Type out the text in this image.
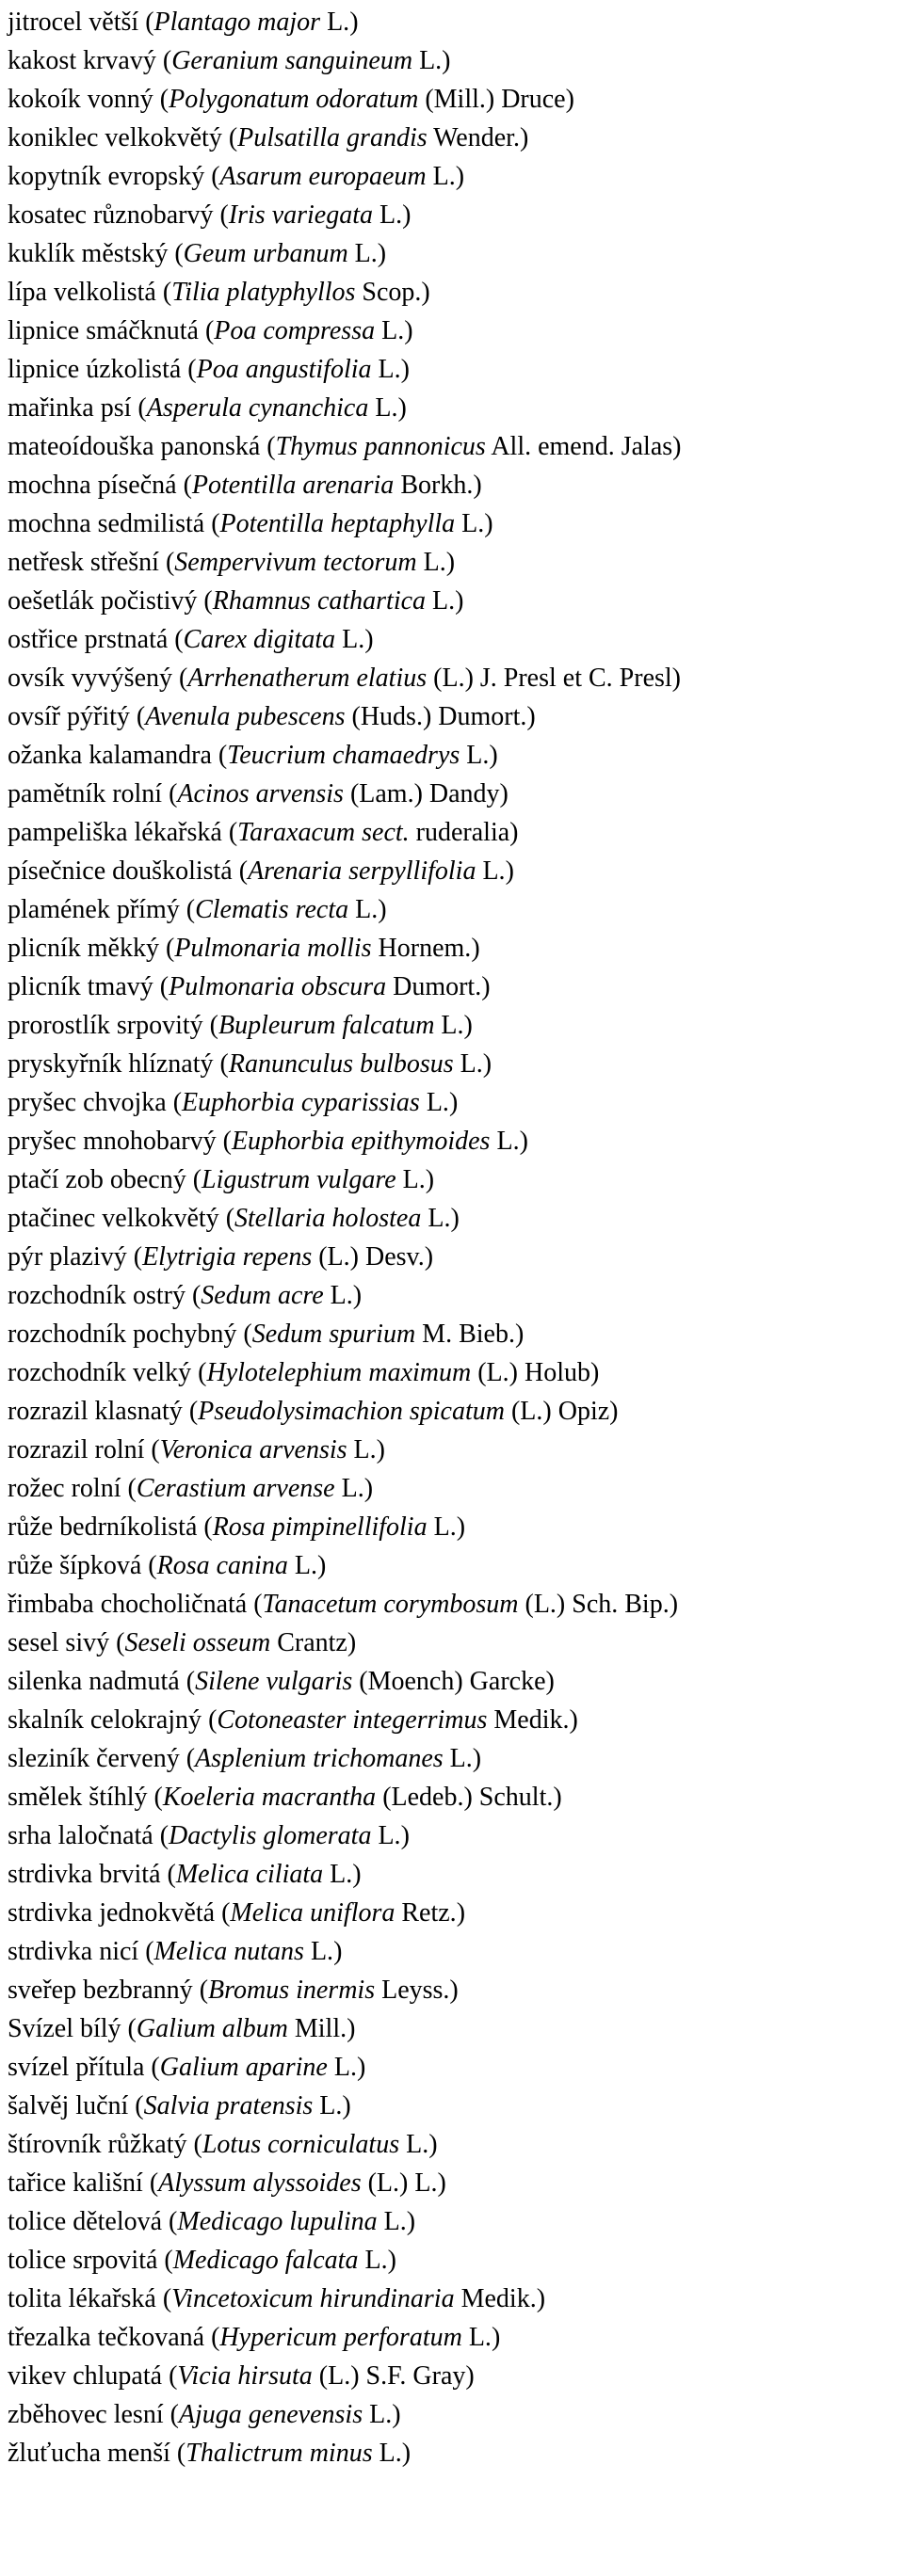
jitrocel větší (Plantago major L.)
kakost krvavý (Geranium sanguineum L.)
kokoík vonný (Polygonatum odoratum (Mill.) Druce)
koniklec velkokvětý (Pulsatilla grandis Wender.)
kopytník evropský (Asarum europaeum L.)
kosatec různobarvý (Iris variegata L.)
kuklík městský (Geum urbanum L.)
lípa velkolistá (Tilia platyphyllos Scop.)
lipnice smáčknutá (Poa compressa L.)
lipnice úzkolistá (Poa angustifolia L.)
mařinka psí (Asperula cynanchica L.)
mateoídouška panonská (Thymus pannonicus All. emend. Jalas)
mochna písečná (Potentilla arenaria Borkh.)
mochna sedmilistá (Potentilla heptaphylla L.)
netřesk střešní (Sempervivum tectorum L.)
oešetlák počistivý (Rhamnus cathartica L.)
ostřice prstnatá (Carex digitata L.)
ovsík vyvýšený (Arrhenatherum elatius (L.) J. Presl et C. Presl)
ovsíř pýřitý (Avenula pubescens (Huds.) Dumort.)
ožanka kalamandra (Teucrium chamaedrys L.)
pamětník rolní (Acinos arvensis (Lam.) Dandy)
pampeliška lékařská (Taraxacum sect. ruderalia)
písečnice douškolistá (Arenaria serpyllifolia L.)
plamének přímý (Clematis recta L.)
plicník měkký (Pulmonaria mollis Hornem.)
plicník tmavý (Pulmonaria obscura Dumort.)
prorostlík srpovitý (Bupleurum falcatum L.)
pryskyřník hlíznatý (Ranunculus bulbosus L.)
pryšec chvojka (Euphorbia cyparissias L.)
pryšec mnohobarvý (Euphorbia epithymoides L.)
ptačí zob obecný (Ligustrum vulgare L.)
ptačinec velkokvětý (Stellaria holostea L.)
pýr plazivý (Elytrigia repens (L.) Desv.)
rozchodník ostrý (Sedum acre L.)
rozchodník pochybný (Sedum spurium M. Bieb.)
rozchodník velký (Hylotelephium maximum (L.) Holub)
rozrazil klasnatý (Pseudolysimachion spicatum (L.) Opiz)
rozrazil rolní (Veronica arvensis L.)
rožec rolní (Cerastium arvense L.)
růže bedrníkolistá (Rosa pimpinellifolia L.)
růže šípková (Rosa canina L.)
řimbaba chocholičnatá (Tanacetum corymbosum (L.) Sch. Bip.)
sesel sivý (Seseli osseum Crantz)
silenka nadmutá (Silene vulgaris (Moench) Garcke)
skalník celokrajný (Cotoneaster integerrimus Medik.)
sleziník červený (Asplenium trichomanes L.)
smělek štíhlý (Koeleria macrantha (Ledeb.) Schult.)
srha laločnatá (Dactylis glomerata L.)
strdivka brvitá (Melica ciliata L.)
strdivka jednokvětá (Melica uniflora Retz.)
strdivka nicí (Melica nutans L.)
sveřep bezbranný (Bromus inermis Leyss.)
Svízel bílý (Galium album Mill.)
svízel přítula (Galium aparine L.)
šalvěj luční (Salvia pratensis L.)
štírovník růžkatý (Lotus corniculatus L.)
tařice kališní (Alyssum alyssoides (L.) L.)
tolice dětelová (Medicago lupulina L.)
tolice srpovitá (Medicago falcata L.)
tolita lékařská (Vincetoxicum hirundinaria Medik.)
třezalka tečkovaná (Hypericum perforatum L.)
vikev chlupatá (Vicia hirsuta (L.) S.F. Gray)
zběhovec lesní (Ajuga genevensis L.)
žluťucha menší (Thalictrum minus L.)
